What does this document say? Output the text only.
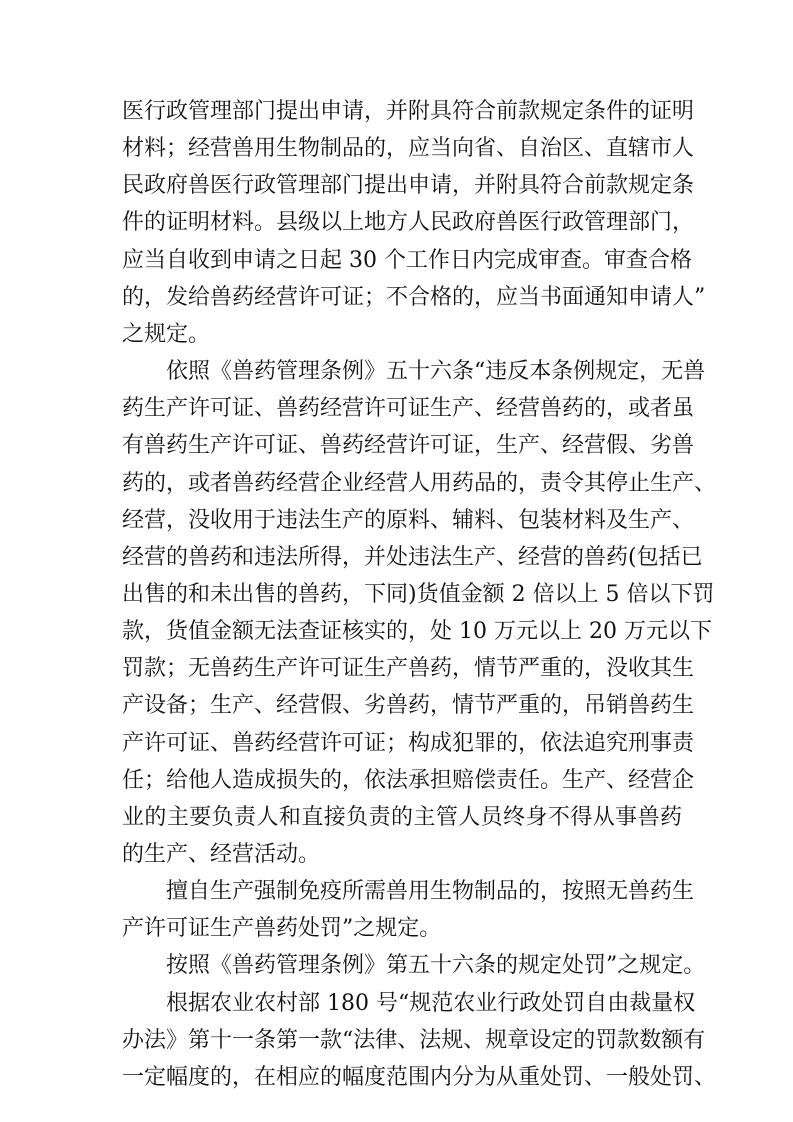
医行政管理部门提出申请，并附具符合前款规定条件的证明
材料；经营兽用生物制品的，应当向省、自治区、直辖市人
民政府兽医行政管理部门提出申请，并附具符合前款规定条
件的证明材料。县级以上地方人民政府兽医行政管理部门，
应当自收到申请之日起 30 个工作日内完成审查。审查合格
的，发给兽药经营许可证；不合格的，应当书面通知申请人”
之规定。
依照《兽药管理条例》五十六条“违反本条例规定，无兽
药生产许可证、兽药经营许可证生产、经营兽药的，或者虽
有兽药生产许可证、兽药经营许可证，生产、经营假、劣兽
药的，或者兽药经营企业经营人用药品的，责令其停止生产、
经营，没收用于违法生产的原料、辅料、包装材料及生产、
经营的兽药和违法所得，并处违法生产、经营的兽药(包括已
出售的和未出售的兽药，下同)货值金额 2 倍以上 5 倍以下罚
款，货值金额无法查证核实的，处 10 万元以上 20 万元以下
罚款；无兽药生产许可证生产兽药，情节严重的，没收其生
产设备；生产、经营假、劣兽药，情节严重的，吊销兽药生
产许可证、兽药经营许可证；构成犯罪的，依法追究刑事责
任；给他人造成损失的，依法承担赔偿责任。生产、经营企
业的主要负责人和直接负责的主管人员终身不得从事兽药
的生产、经营活动。
擅自生产强制免疫所需兽用生物制品的，按照无兽药生
产许可证生产兽药处罚”之规定。
按照《兽药管理条例》第五十六条的规定处罚”之规定。
根据农业农村部 180 号“规范农业行政处罚自由裁量权
办法》第十一条第一款“法律、法规、规章设定的罚款数额有
一定幅度的，在相应的幅度范围内分为从重处罚、一般处罚、
